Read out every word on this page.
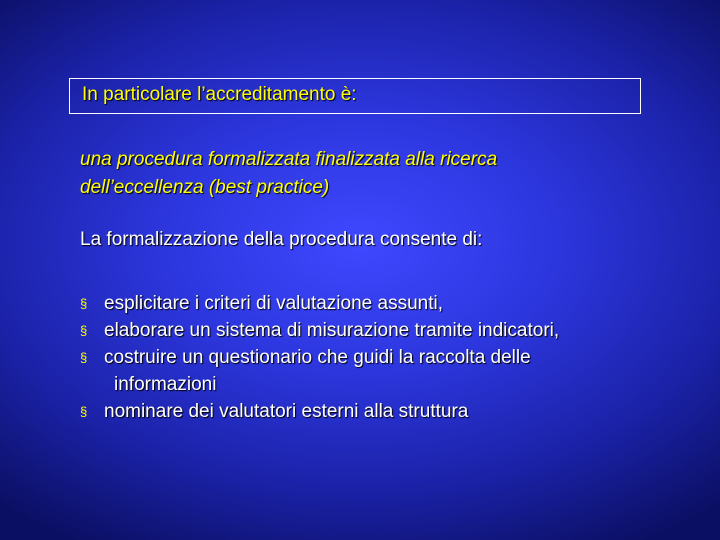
In particolare l’accreditamento è:
una procedura formalizzata finalizzata alla ricerca
dell’eccellenza (best practice)
La formalizzazione della procedura consente di:
§ esplicitare i criteri di valutazione assunti,
§ elaborare un sistema di misurazione tramite indicatori,
§ costruire un questionario che guidi la raccolta delle
informazioni
§ nominare dei valutatori esterni alla struttura
